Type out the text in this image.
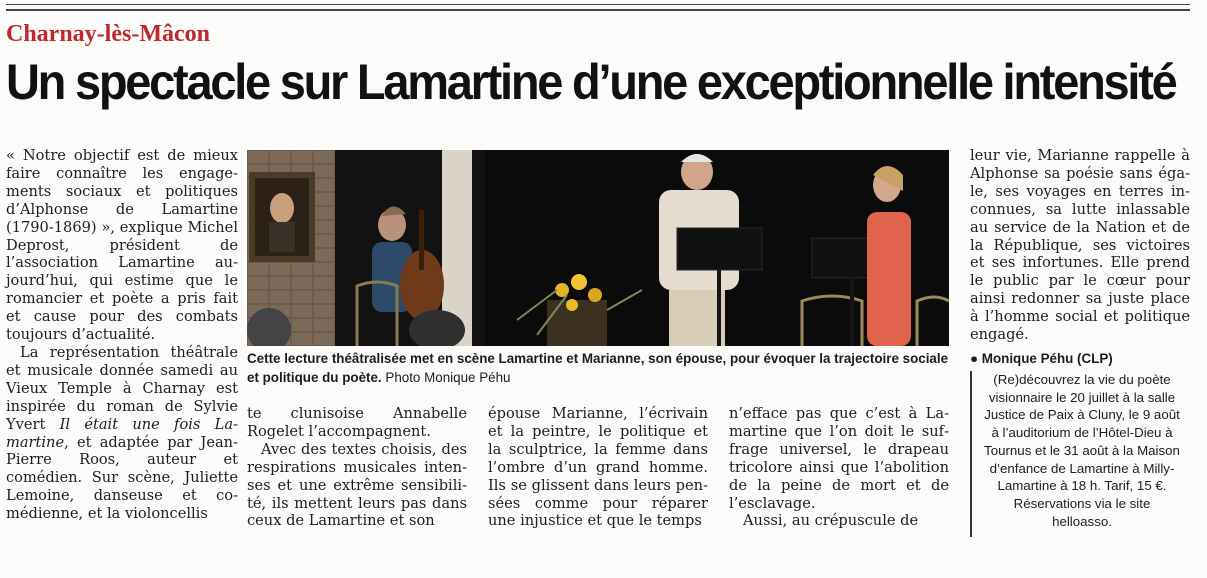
Charnay-lès-Mâcon
Un spectacle sur Lamartine d’une exceptionnelle intensité

« Notre objectif est de mieux faire connaître les engagements sociaux et politiques d’Alphonse de Lamartine (1790-1869) », explique Michel Deprost, président de l’association Lamartine aujourd’hui, qui estime que le romancier et poète a pris fait et cause pour des combats toujours d’actualité.

La représentation théâtrale et musicale donnée samedi au Vieux Temple à Charnay est inspirée du roman de Sylvie Yvert Il était une fois Lamartine, et adaptée par Jean-Pierre Roos, auteur et comédien. Sur scène, Juliette Lemoine, danseuse et comédienne, et la violoncellis

Cette lecture théâtralisée met en scène Lamartine et Marianne, son épouse, pour évoquer la trajectoire sociale et politique du poète. Photo Monique Péhu

te clunisoise Annabelle Rogelet l’accompagnent.

Avec des textes choisis, des respirations musicales intenses et une extrême sensibilité, ils mettent leurs pas dans ceux de Lamartine et son

épouse Marianne, l’écrivain et la peintre, le politique et la sculptrice, la femme dans l’ombre d’un grand homme. Ils se glissent dans leurs pensées comme pour réparer une injustice et que le temps

n’efface pas que c’est à Lamartine que l’on doit le suffrage universel, le drapeau tricolore ainsi que l’abolition de la peine de mort et de l’esclavage.

Aussi, au crépuscule de

leur vie, Marianne rappelle à Alphonse sa poésie sans égale, ses voyages en terres inconnues, sa lutte inlassable au service de la Nation et de la République, ses victoires et ses infortunes. Elle prend le public par le cœur pour ainsi redonner sa juste place à l’homme social et politique engagé.

● Monique Péhu (CLP)
(Re)découvrez la vie du poète visionnaire le 20 juillet à la salle Justice de Paix à Cluny, le 9 août à l’auditorium de l’Hôtel-Dieu à Tournus et le 31 août à la Maison d’enfance de Lamartine à Milly-Lamartine à 18 h. Tarif, 15 €. Réservations via le site helloasso.
